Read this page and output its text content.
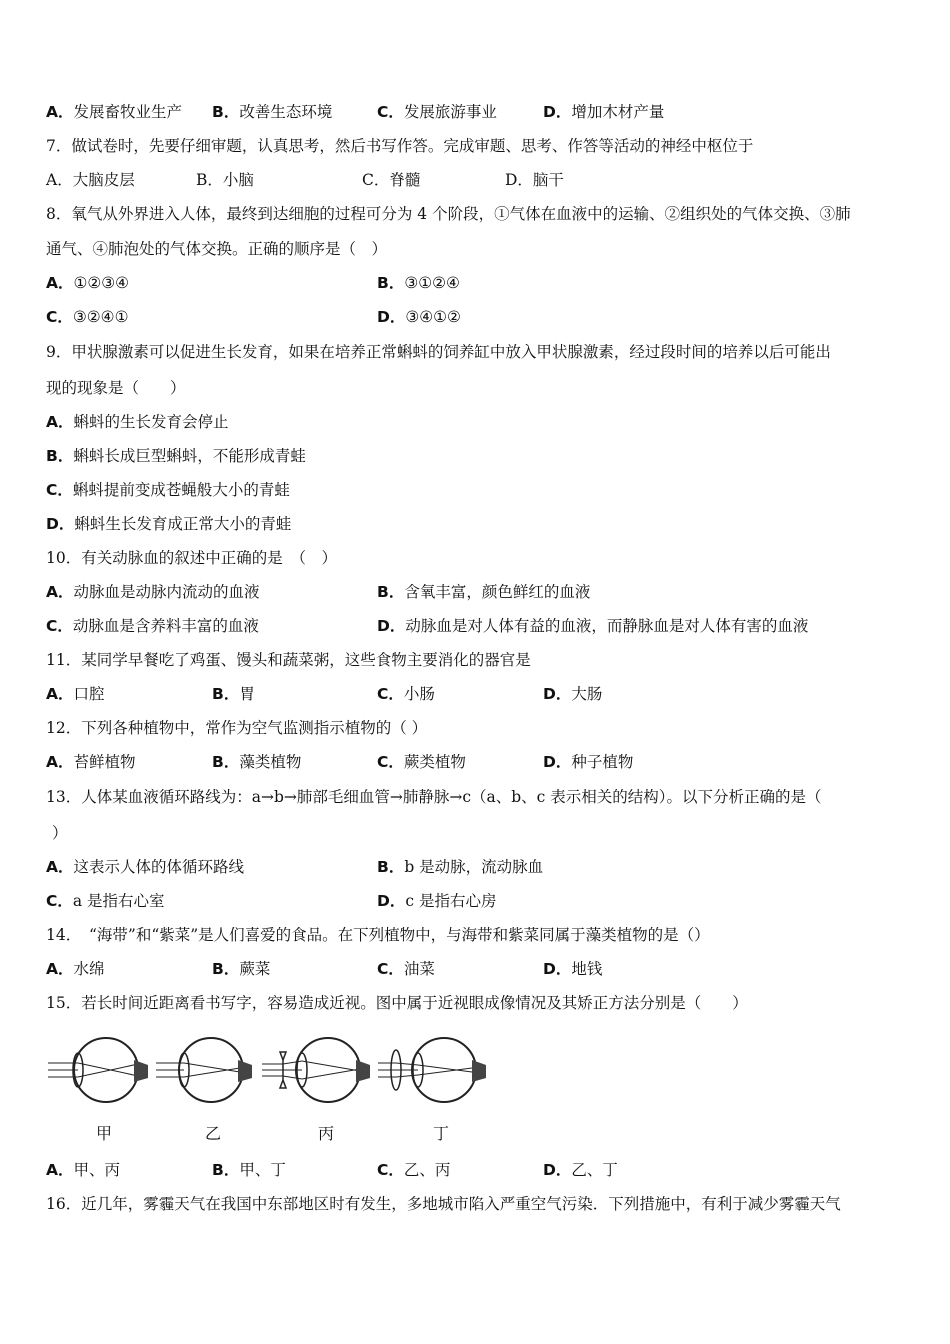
A．发展畜牧业生产 B．改善生态环境	C．发展旅游事业	D．增加木材产量
7．做试卷时，先要仔细审题，认真思考，然后书写作答。完成审题、思考、作答等活动的神经中枢位于
A．大脑皮层	B．小脑	C．脊髓	D．脑干
8．氧气从外界进入人体，最终到达细胞的过程可分为 4 个阶段，①气体在血液中的运输、②组织处的气体交换、③肺
通气、④肺泡处的气体交换。正确的顺序是（　）
A．①②③④	B．③①②④
C．③②④①	D．③④①②
9．甲状腺激素可以促进生长发育，如果在培养正常蝌蚪的饲养缸中放入甲状腺激素，经过段时间的培养以后可能出
现的现象是（　　）
A．蝌蚪的生长发育会停止
B．蝌蚪长成巨型蝌蚪，不能形成青蛙
C．蝌蚪提前变成苍蝇般大小的青蛙
D．蝌蚪生长发育成正常大小的青蛙
10．有关动脉血的叙述中正确的是　（　）
A．动脉血是动脉内流动的血液	B．含氧丰富，颜色鲜红的血液
C．动脉血是含养料丰富的血液	D．动脉血是对人体有益的血液，而静脉血是对人体有害的血液
11．某同学早餐吃了鸡蛋、馒头和蔬菜粥，这些食物主要消化的器官是
A．口腔	B．胃	C．小肠	D．大肠
12．下列各种植物中，常作为空气监测指示植物的（ ）
A．苔鲜植物	B．藻类植物	C．蕨类植物	D．种子植物
13．人体某血液循环路线为：a→b→肺部毛细血管→肺静脉→c（a、b、c 表示相关的结构）。以下分析正确的是（
）
A．这表示人体的体循环路线	B．b 是动脉，流动脉血
C．a 是指右心室	D．c 是指右心房
14．　“海带”和“紫菜”是人们喜爱的食品。在下列植物中，与海带和紫菜同属于藻类植物的是（）
A．水绵	B．蕨菜	C．油菜	D．地钱
15．若长时间近距离看书写字，容易造成近视。图中属于近视眼成像情况及其矫正方法分别是（　　）
甲	乙	丙	丁
A．甲、丙	B．甲、丁	C．乙、丙	D．乙、丁
16．近几年，雾霾天气在我国中东部地区时有发生，多地城市陷入严重空气污染．下列措施中，有利于减少雾霾天气
